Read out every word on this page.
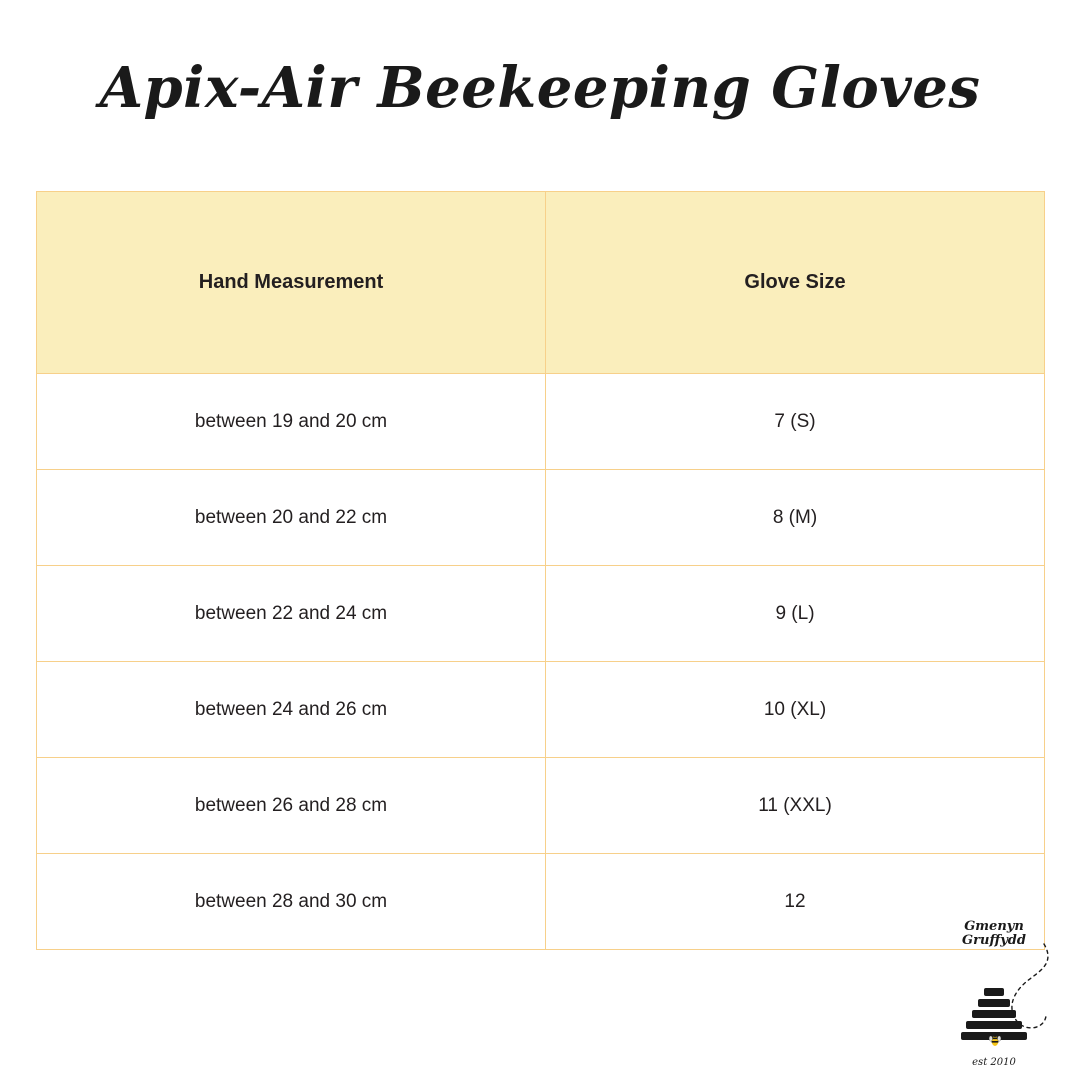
Apix-Air Beekeeping Gloves
Hand Measurement	Glove Size
between 19 and 20 cm	7 (S)
between 20 and 22 cm	8 (M)
between 22 and 24 cm	9 (L)
between 24 and 26 cm	10 (XL)
between 26 and 28 cm	11 (XXL)
between 28 and 30 cm	12
Gmenyn
Gruffydd
est 2010
